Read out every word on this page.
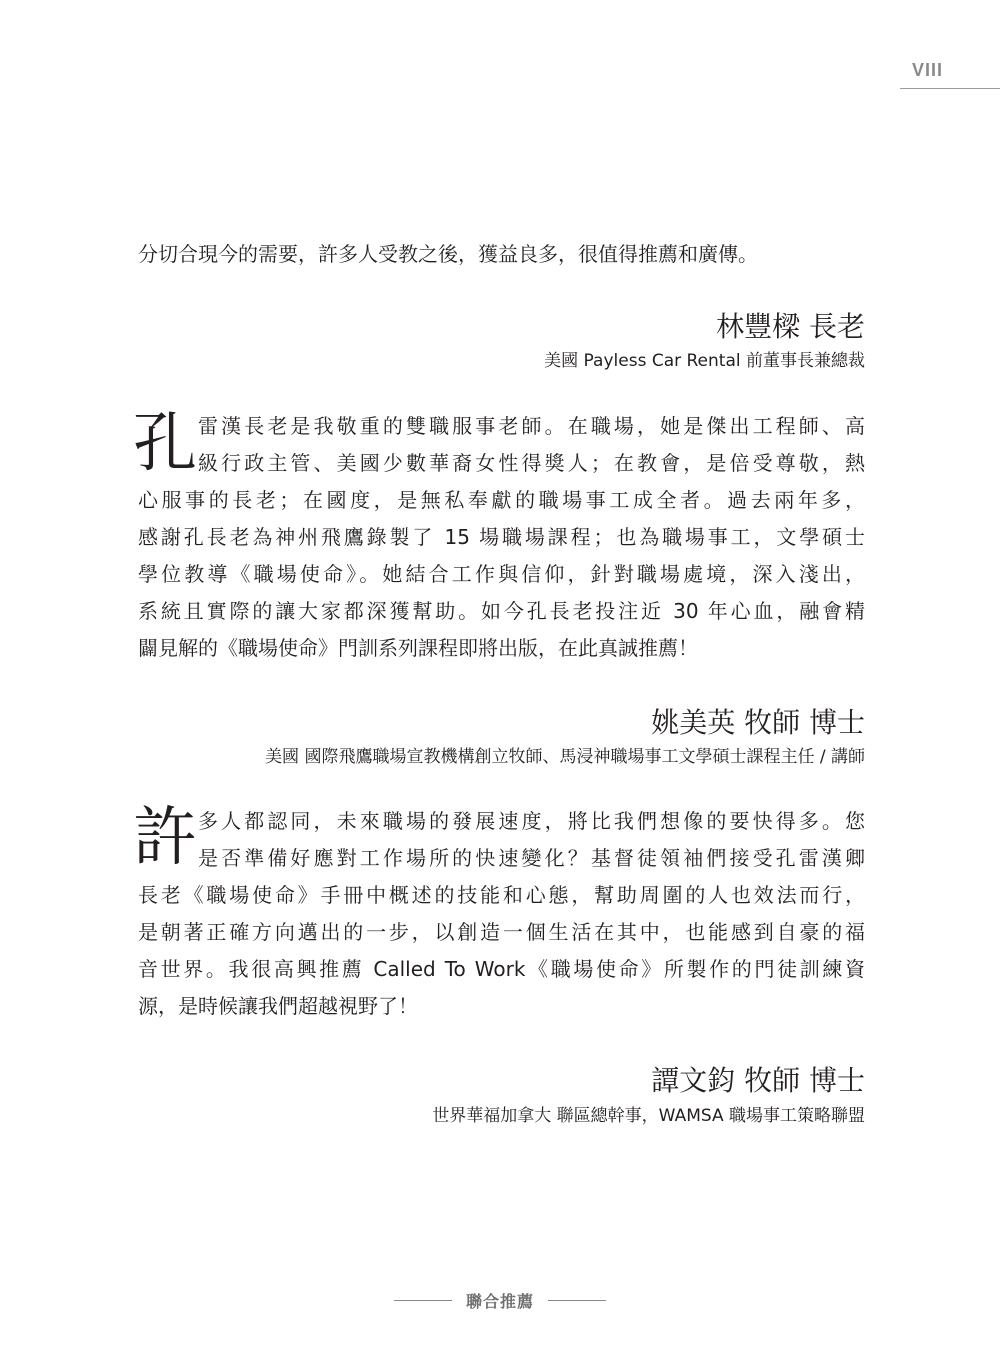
VIII
分切合現今的需要，許多人受教之後，獲益良多，很值得推薦和廣傳。
林豐樑 長老
美國 Payless Car Rental 前董事長兼總裁
孔 雷漢長老是我敬重的雙職服事老師。在職場，她是傑出工程師、高
級行政主管、美國少數華裔女性得獎人；在教會，是倍受尊敬，熱
心服事的長老；在國度，是無私奉獻的職場事工成全者。過去兩年多，
感謝孔長老為神州飛鷹錄製了 15 場職場課程；也為職場事工，文學碩士
學位教導《職場使命》。她結合工作與信仰，針對職場處境，深入淺出，
系統且實際的讓大家都深獲幫助。如今孔長老投注近 30 年心血，融會精
闢見解的《職場使命》門訓系列課程即將出版，在此真誠推薦！
姚美英 牧師 博士
美國 國際飛鷹職場宣教機構創立牧師、馬浸神職場事工文學碩士課程主任 / 講師
許 多人都認同，未來職場的發展速度，將比我們想像的要快得多。您
是否準備好應對工作場所的快速變化？基督徒領袖們接受孔雷漢卿
長老《職場使命》手冊中概述的技能和心態，幫助周圍的人也效法而行，
是朝著正確方向邁出的一步，以創造一個生活在其中，也能感到自豪的福
音世界。我很高興推薦 Called To Work《職場使命》所製作的門徒訓練資
源，是時候讓我們超越視野了！
譚文鈞 牧師 博士
世界華福加拿大 聯區總幹事，WAMSA 職場事工策略聯盟
聯合推薦
